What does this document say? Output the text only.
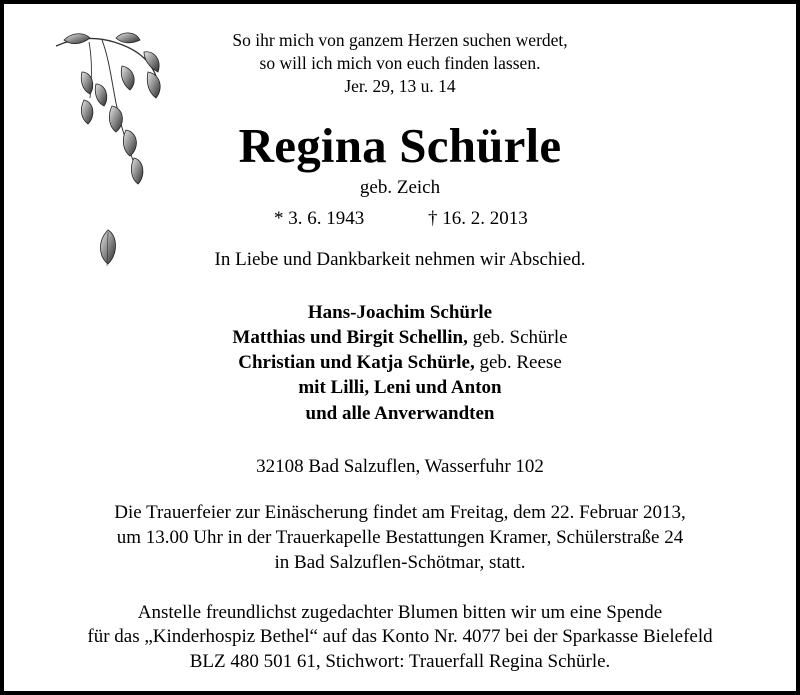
So ihr mich von ganzem Herzen suchen werdet,
so will ich mich von euch finden lassen.
Jer. 29, 13 u. 14
Regina Schürle
geb. Zeich
* 3. 6. 1943	† 16. 2. 2013
In Liebe und Dankbarkeit nehmen wir Abschied.
Hans-Joachim Schürle
Matthias und Birgit Schellin, geb. Schürle
Christian und Katja Schürle, geb. Reese
mit Lilli, Leni und Anton
und alle Anverwandten
32108 Bad Salzuflen, Wasserfuhr 102
Die Trauerfeier zur Einäscherung findet am Freitag, dem 22. Februar 2013,
um 13.00 Uhr in der Trauerkapelle Bestattungen Kramer, Schülerstraße 24
in Bad Salzuflen-Schötmar, statt.
Anstelle freundlichst zugedachter Blumen bitten wir um eine Spende
für das „Kinderhospiz Bethel“ auf das Konto Nr. 4077 bei der Sparkasse Bielefeld
BLZ 480 501 61, Stichwort: Trauerfall Regina Schürle.
